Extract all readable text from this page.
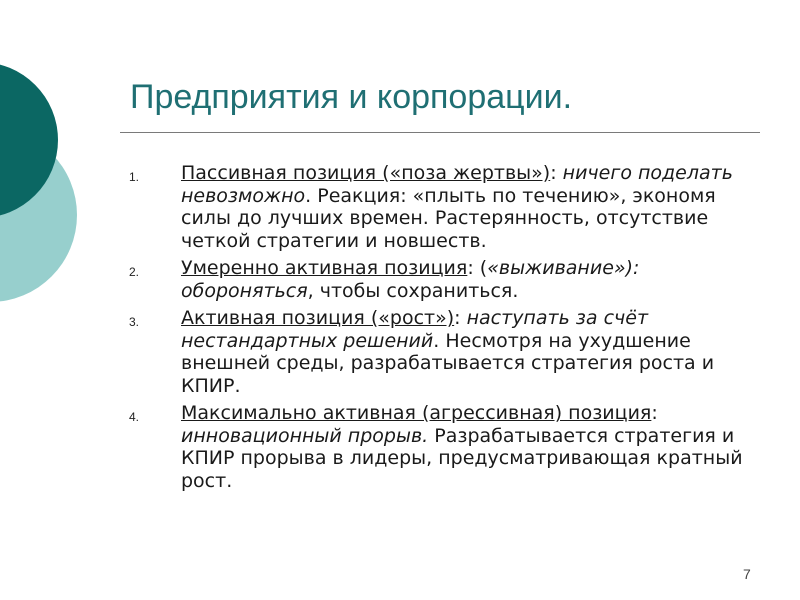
Предприятия и корпорации.
1.	Пассивная позиция («поза жертвы»): ничего поделать невозможно. Реакция: «плыть по течению», экономя силы до лучших времен. Растерянность, отсутствие четкой стратегии и новшеств.
2.	Умеренно активная позиция: («выживание»): обороняться, чтобы сохраниться.
3.	Активная позиция («рост»): наступать за счёт нестандартных решений. Несмотря на ухудшение внешней среды, разрабатывается стратегия роста и КПИР.
4.	Максимально активная (агрессивная) позиция: инновационный прорыв. Разрабатывается стратегия и КПИР прорыва в лидеры, предусматривающая кратный рост.
7
